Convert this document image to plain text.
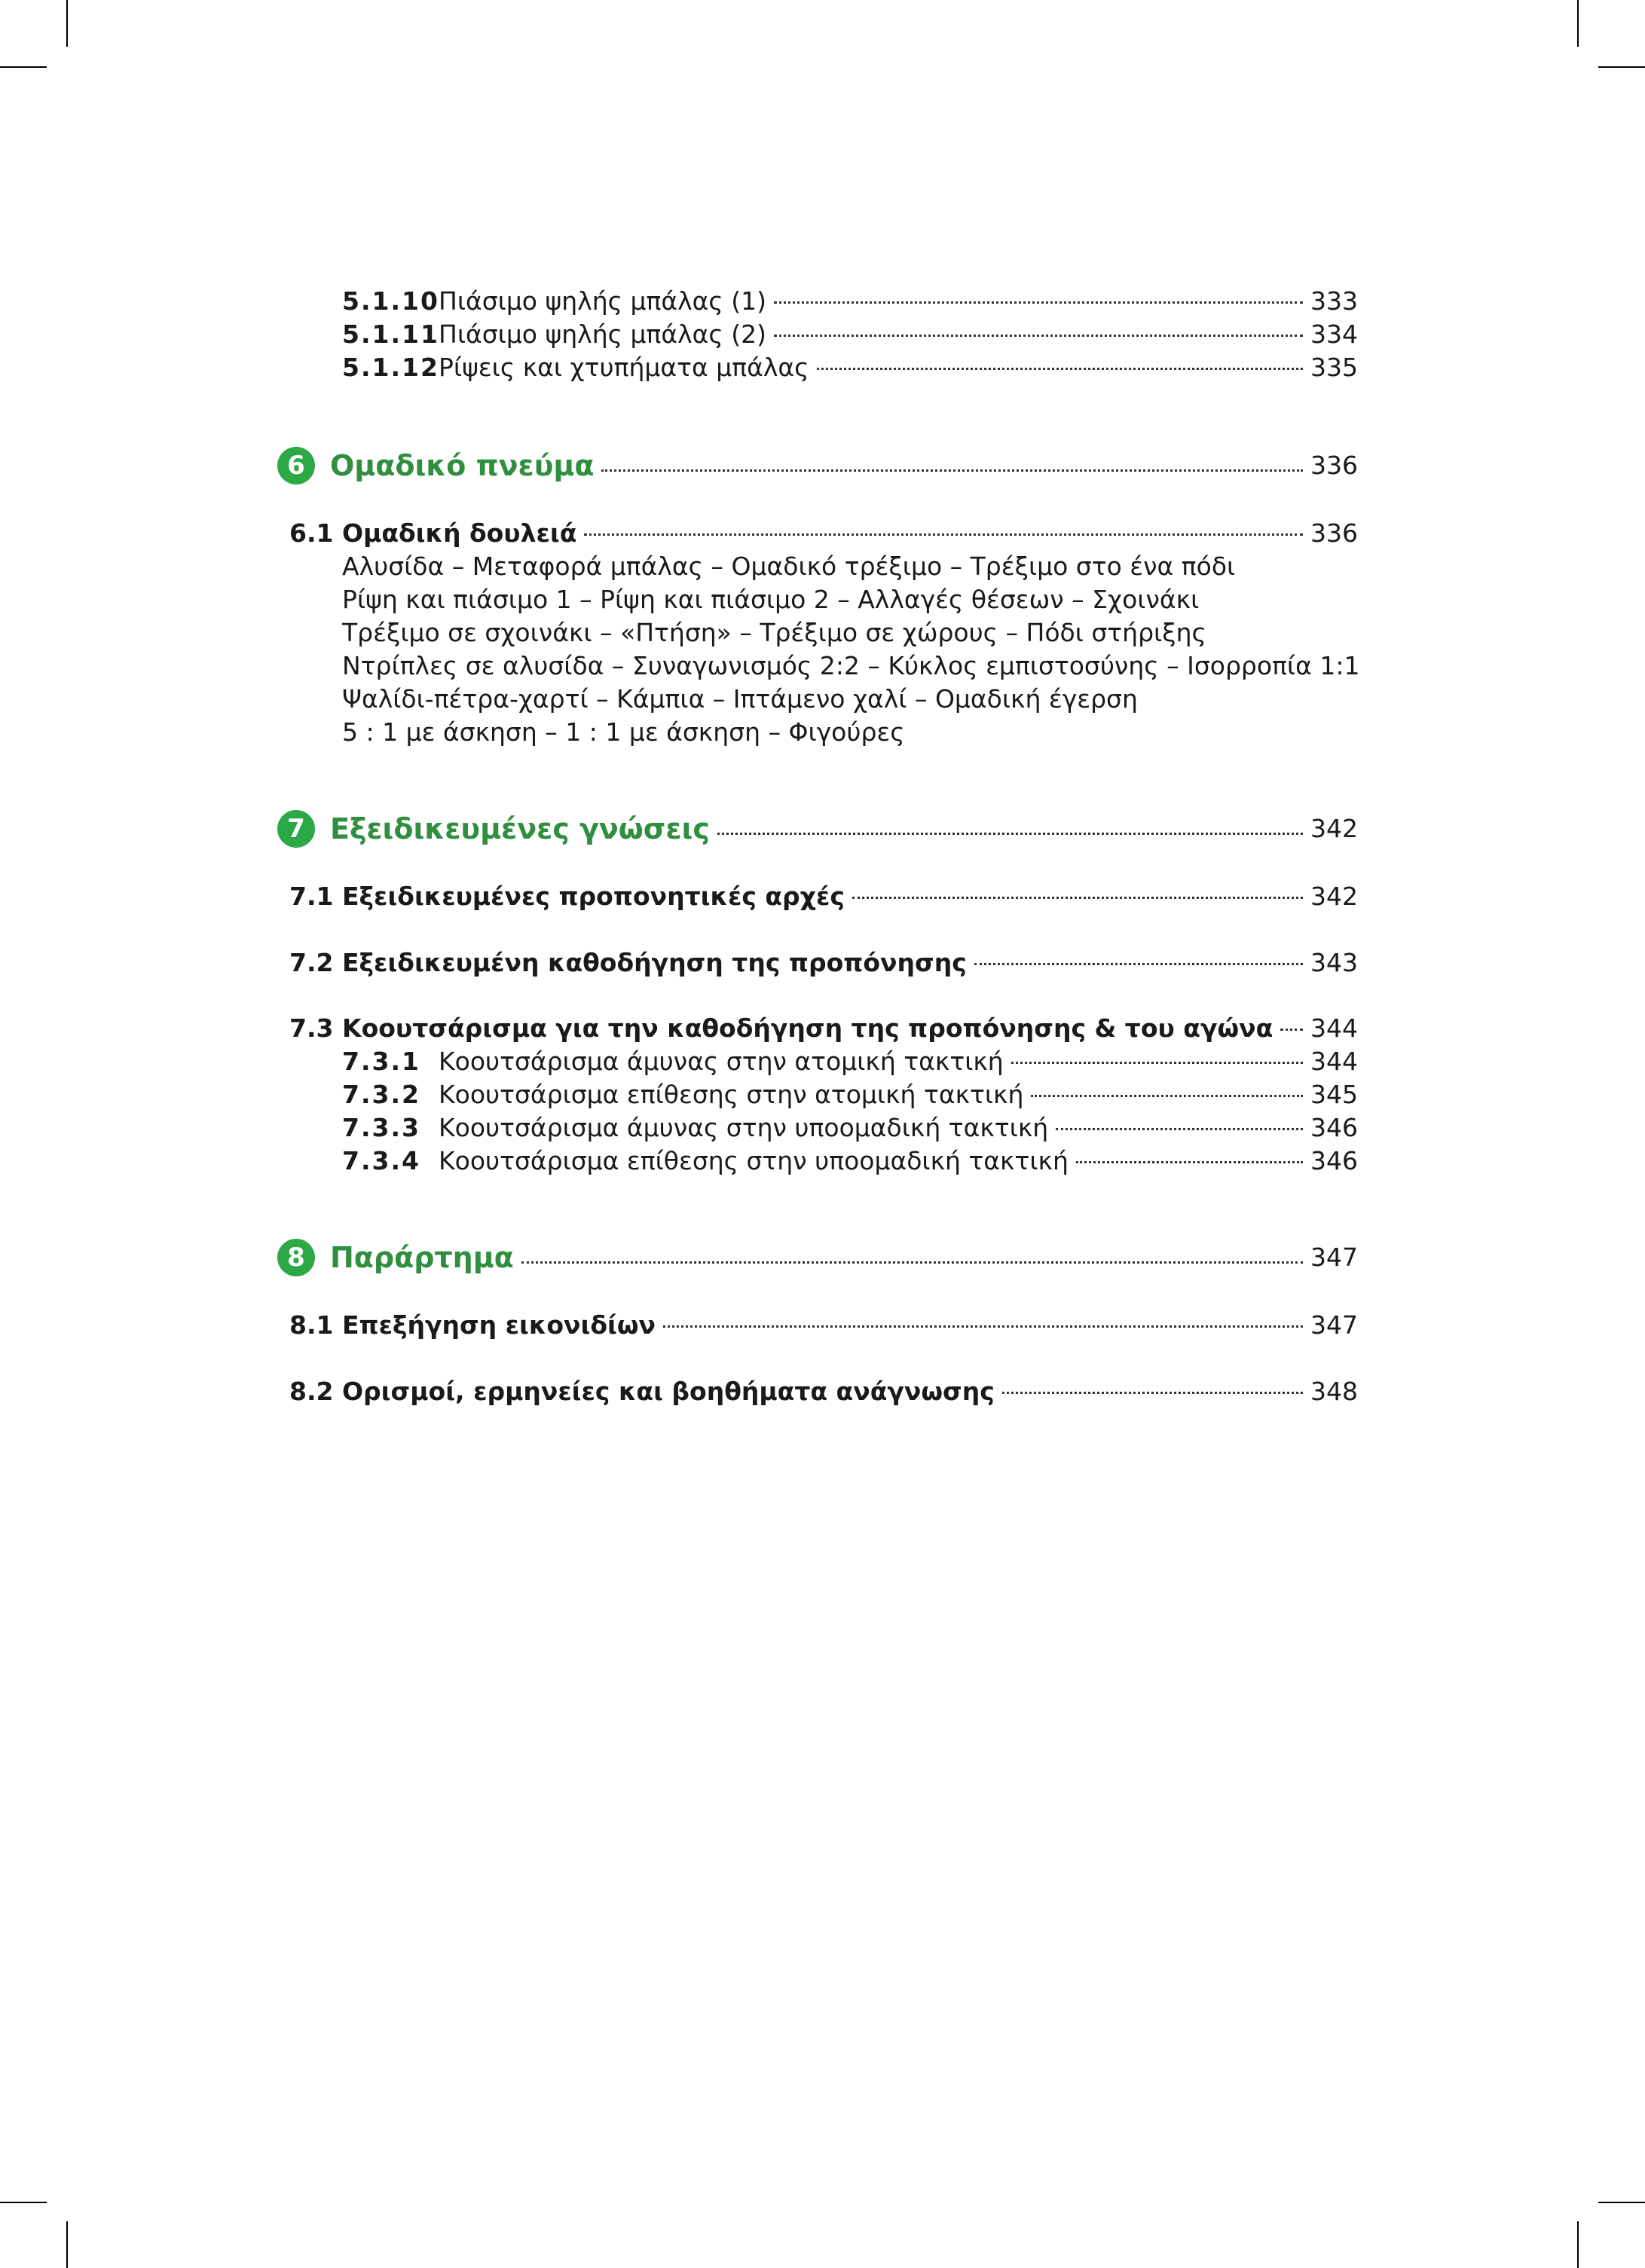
5.1.10 Πιάσιμο ψηλής μπάλας (1)	333
5.1.11 Πιάσιμο ψηλής μπάλας (2)	334
5.1.12 Ρίψεις και χτυπήματα μπάλας	335
6 Ομαδικό πνεύμα	336
6.1 Ομαδική δουλειά	336
Αλυσίδα – Μεταφορά μπάλας – Ομαδικό τρέξιμο – Τρέξιμο στο ένα πόδι
Ρίψη και πιάσιμο 1 – Ρίψη και πιάσιμο 2 – Αλλαγές θέσεων – Σχοινάκι
Τρέξιμο σε σχοινάκι – «Πτήση» – Τρέξιμο σε χώρους – Πόδι στήριξης
Ντρίπλες σε αλυσίδα – Συναγωνισμός 2:2 – Κύκλος εμπιστοσύνης – Ισορροπία 1:1
Ψαλίδι-πέτρα-χαρτί – Κάμπια – Ιπτάμενο χαλί – Ομαδική έγερση
5 : 1 με άσκηση – 1 : 1 με άσκηση – Φιγούρες
7 Εξειδικευμένες γνώσεις	342
7.1 Εξειδικευμένες προπονητικές αρχές	342
7.2 Εξειδικευμένη καθοδήγηση της προπόνησης	343
7.3 Κοουτσάρισμα για την καθοδήγηση της προπόνησης & του αγώνα 344
7.3.1 Κοουτσάρισμα άμυνας στην ατομική τακτική	344
7.3.2 Κοουτσάρισμα επίθεσης στην ατομική τακτική	345
7.3.3 Κοουτσάρισμα άμυνας στην υποομαδική τακτική	346
7.3.4 Κοουτσάρισμα επίθεσης στην υποομαδική τακτική	346
8 Παράρτημα	347
8.1 Επεξήγηση εικονιδίων	347
8.2 Ορισμοί, ερμηνείες και βοηθήματα ανάγνωσης	348
